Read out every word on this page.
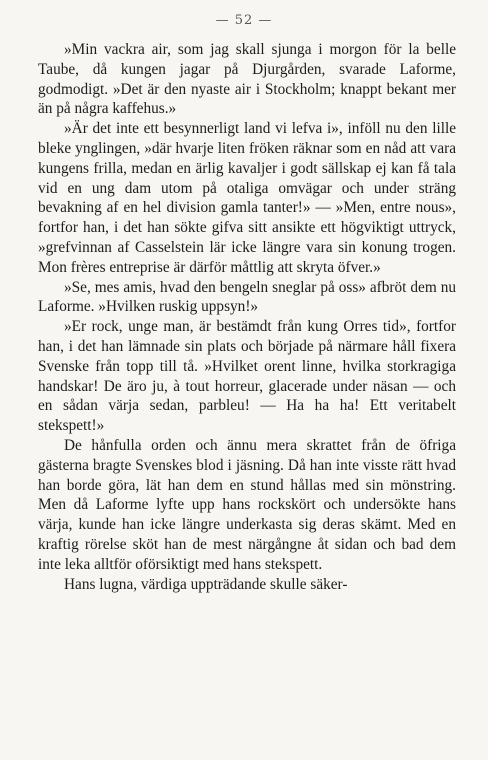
— 52 —

»Min vackra air, som jag skall sjunga i morgon för la belle Taube, då kungen jagar på Djurgården, svarade Laforme, godmodigt. »Det är den nyaste air i Stockholm; knappt bekant mer än på några kaffehus.»

»Är det inte ett besynnerligt land vi lefva i», inföll nu den lille bleke ynglingen, »där hvarje liten fröken räknar som en nåd att vara kungens frilla, medan en ärlig kavaljer i godt sällskap ej kan få tala vid en ung dam utom på otaliga omvägar och under sträng bevakning af en hel division gamla tanter!» — »Men, entre nous», fortfor han, i det han sökte gifva sitt ansikte ett högviktigt uttryck, »grefvinnan af Casselstein lär icke längre vara sin konung trogen. Mon frères entreprise är därför måttlig att skryta öfver.»

»Se, mes amis, hvad den bengeln sneglar på oss» afbröt dem nu Laforme. »Hvilken ruskig uppsyn!»

»Er rock, unge man, är bestämdt från kung Orres tid», fortfor han, i det han lämnade sin plats och började på närmare håll fixera Svenske från topp till tå. »Hvilket orent linne, hvilka storkragiga handskar! De äro ju, à tout horreur, glacerade under näsan — och en sådan värja sedan, parbleu! — Ha ha ha! Ett veritabelt stekspett!»

De hånfulla orden och ännu mera skrattet från de öfriga gästerna bragte Svenskes blod i jäsning. Då han inte visste rätt hvad han borde göra, lät han dem en stund hållas med sin mönstring. Men då Laforme lyfte upp hans rockskört och undersökte hans värja, kunde han icke längre underkasta sig deras skämt. Med en kraftig rörelse sköt han de mest närgångne åt sidan och bad dem inte leka alltför oförsiktigt med hans stekspett.

Hans lugna, värdiga uppträdande skulle säker-
